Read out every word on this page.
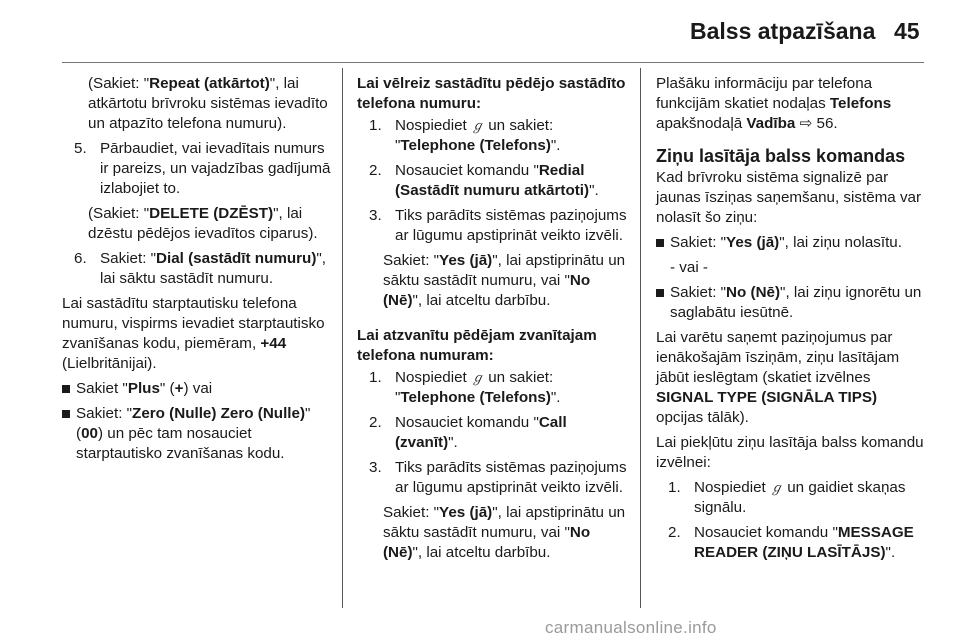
Balss atpazīšana 45

(Sakiet: "Repeat (atkārtot)", lai atkārtotu brīvroku sistēmas ievadīto un atpazīto telefona numuru).

5. Pārbaudiet, vai ievadītais numurs ir pareizs, un vajadzības gadījumā izlabojiet to.

(Sakiet: "DELETE (DZĒST)", lai dzēstu pēdējos ievadītos ciparus).

6. Sakiet: "Dial (sastādīt numuru)", lai sāktu sastādīt numuru.

Lai sastādītu starptautisku telefona numuru, vispirms ievadiet starptautisko zvanīšanas kodu, piemēram, +44 (Lielbritānijai).

Sakiet "Plus" (+) vai
Sakiet: "Zero (Nulle) Zero (Nulle)" (00) un pēc tam nosauciet starptautisko zvanīšanas kodu.

Lai vēlreiz sastādītu pēdējo sastādīto telefona numuru:

1. Nospiediet ℊ un sakiet:
"Telephone (Telefons)".
2. Nosauciet komandu "Redial (Sastādīt numuru atkārtoti)".
3. Tiks parādīts sistēmas paziņojums ar lūgumu apstiprināt veikto izvēli.

Sakiet: "Yes (jā)", lai apstiprinātu un sāktu sastādīt numuru, vai "No (Nē)", lai atceltu darbību.

Lai atzvanītu pēdējam zvanītajam telefona numuram:

1. Nospiediet ℊ un sakiet:
"Telephone (Telefons)".
2. Nosauciet komandu "Call (zvanīt)".
3. Tiks parādīts sistēmas paziņojums ar lūgumu apstiprināt veikto izvēli.

Sakiet: "Yes (jā)", lai apstiprinātu un sāktu sastādīt numuru, vai "No (Nē)", lai atceltu darbību.

Plašāku informāciju par telefona funkcijām skatiet nodaļas Telefons apakšnodaļā Vadība ⇨ 56.

Ziņu lasītāja balss komandas

Kad brīvroku sistēma signalizē par jaunas īsziņas saņemšanu, sistēma var nolasīt šo ziņu:

Sakiet: "Yes (jā)", lai ziņu nolasītu.

- vai -

Sakiet: "No (Nē)", lai ziņu ignorētu un saglabātu iesūtnē.

Lai varētu saņemt paziņojumus par ienākošajām īsziņām, ziņu lasītājam jābūt ieslēgtam (skatiet izvēlnes SIGNAL TYPE (SIGNĀLA TIPS) opcijas tālāk).

Lai piekļūtu ziņu lasītāja balss komandu izvēlnei:

1. Nospiediet ℊ un gaidiet skaņas signālu.
2. Nosauciet komandu "MESSAGE READER (ZIŅU LASĪTĀJS)".
carmanualsonline.info
